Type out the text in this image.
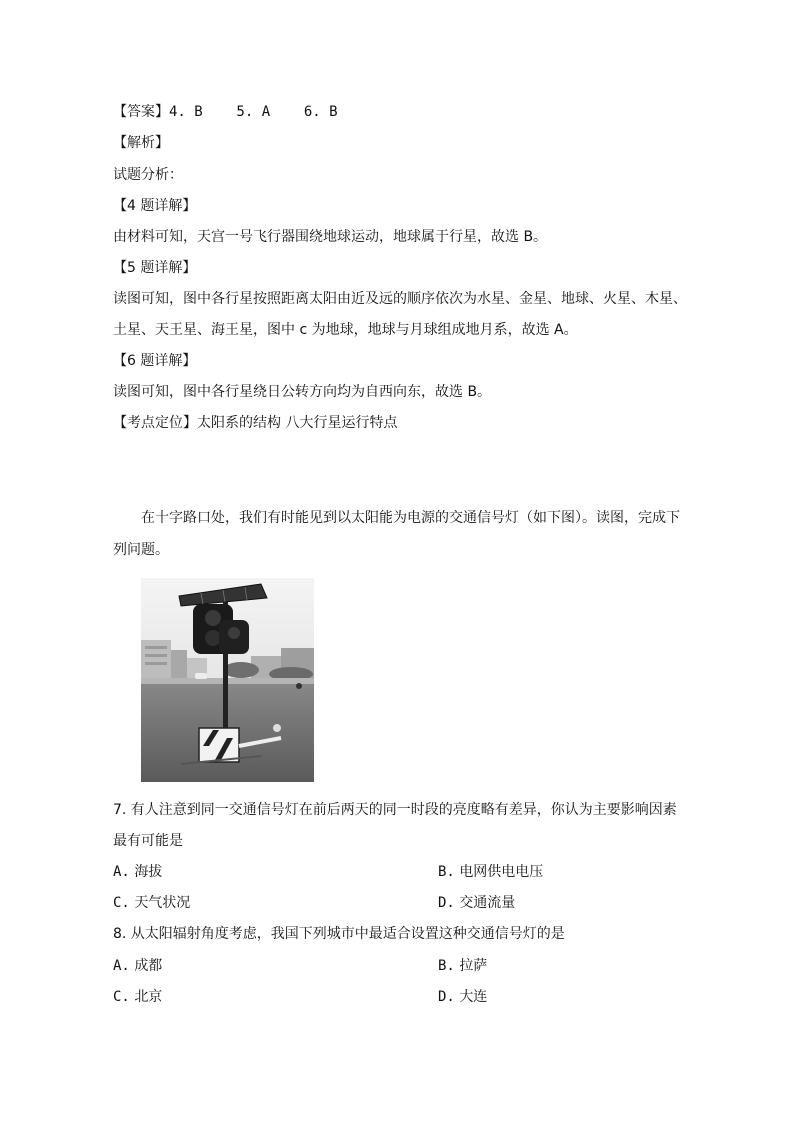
【答案】4. B    5. A    6. B
【解析】
试题分析：
【4 题详解】
由材料可知，天宫一号飞行器围绕地球运动，地球属于行星，故选 B。
【5 题详解】
读图可知，图中各行星按照距离太阳由近及远的顺序依次为水星、金星、地球、火星、木星、
土星、天王星、海王星，图中 c 为地球，地球与月球组成地月系，故选 A。
【6 题详解】
读图可知，图中各行星绕日公转方向均为自西向东，故选 B。
【考点定位】太阳系的结构 八大行星运行特点
在十字路口处，我们有时能见到以太阳能为电源的交通信号灯（如下图）。读图，完成下
列问题。
7. 有人注意到同一交通信号灯在前后两天的同一时段的亮度略有差异，你认为主要影响因素
最有可能是
A. 海拔	B. 电网供电电压
C. 天气状况	D. 交通流量
8. 从太阳辐射角度考虑，我国下列城市中最适合设置这种交通信号灯的是
A. 成都	B. 拉萨
C. 北京	D. 大连
